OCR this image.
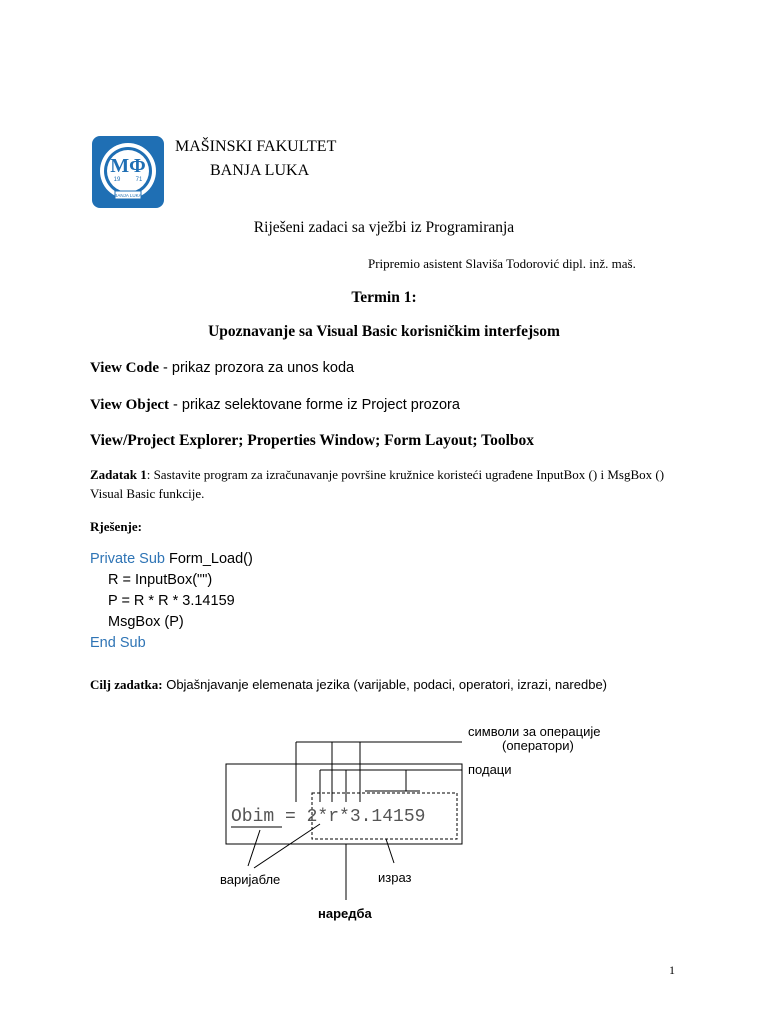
MΦ
19	71
BANJA LUKA
MAŠINSKI FAKULTET
BANJA LUKA
Riješeni zadaci sa vježbi iz Programiranja
Pripremio asistent Slaviša Todorović dipl. inž. maš.
Termin 1:
Upoznavanje sa Visual Basic korisničkim interfejsom
View Code - prikaz prozora za unos koda
View Object - prikaz selektovane forme iz Project prozora
View/Project Explorer; Properties Window; Form Layout; Toolbox
Zadatak 1: Sastavite program za izračunavanje površine kružnice koristeći ugrađene InputBox () i MsgBox () Visual Basic funkcije.
Rješenje:
Private Sub Form_Load()
R = InputBox("")
P = R * R * 3.14159
MsgBox (P)
End Sub
Cilj zadatka: Objašnjavanje elemenata jezika (varijable, podaci, operatori, izrazi, naredbe)
Obim = 2*r*3.14159
символи за операције
(оператори)
подаци
варијабле	израз
наредба
1
